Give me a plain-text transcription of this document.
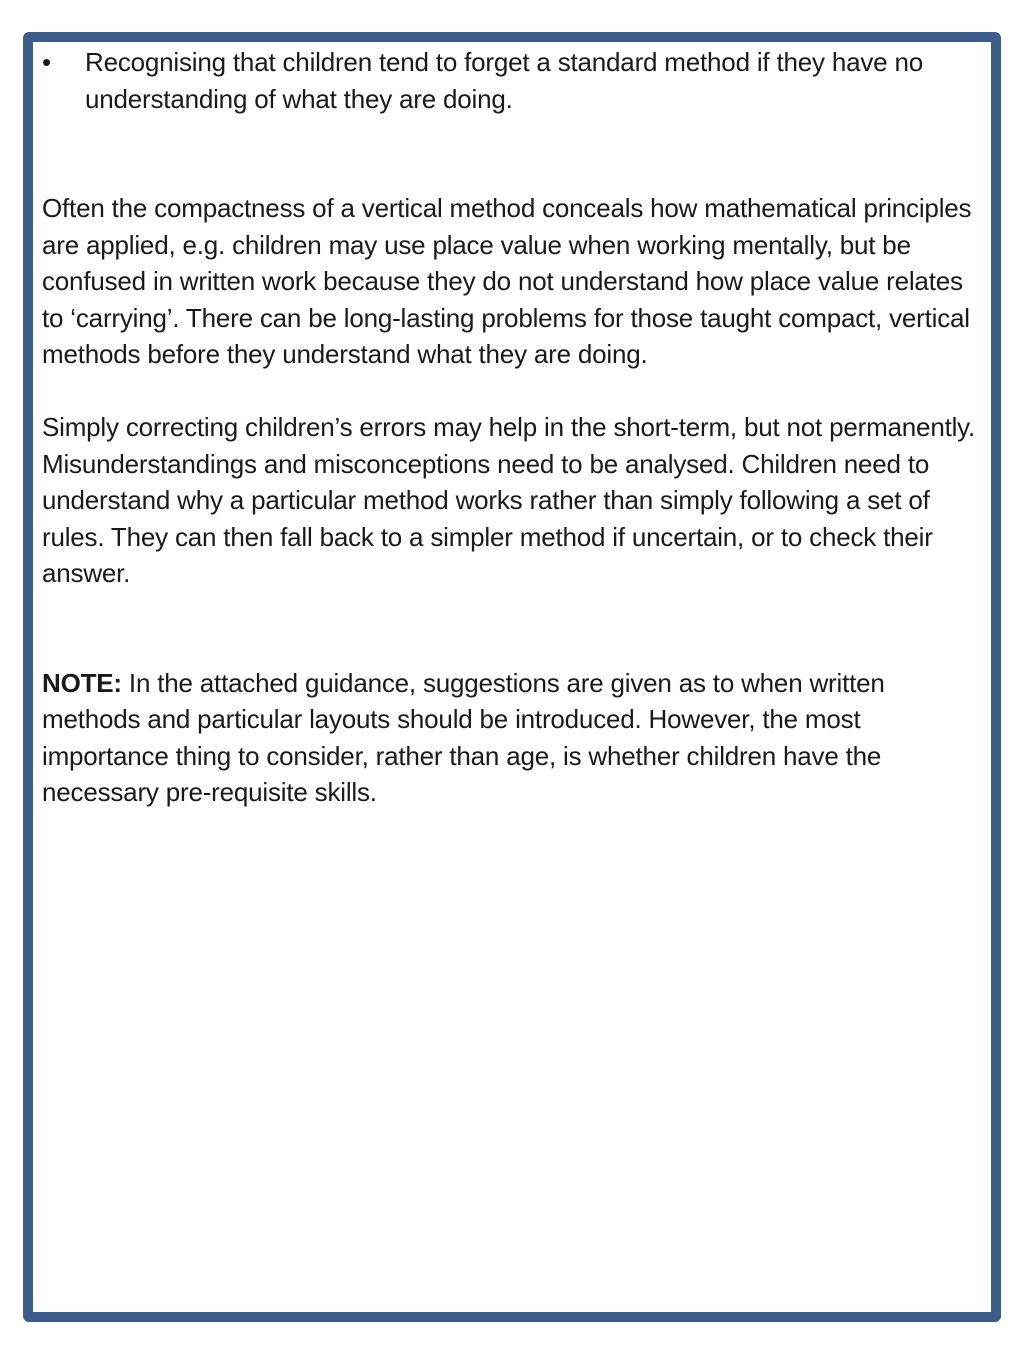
•	Recognising that children tend to forget a standard method if they have no understanding of what they are doing.

Often the compactness of a vertical method conceals how mathematical principles are applied, e.g. children may use place value when working mentally, but be confused in written work because they do not understand how place value relates to ‘carrying’. There can be long-lasting problems for those taught compact, vertical methods before they understand what they are doing.

Simply correcting children’s errors may help in the short-term, but not permanently. Misunderstandings and misconceptions need to be analysed. Children need to understand why a particular method works rather than simply following a set of rules. They can then fall back to a simpler method if uncertain, or to check their answer.

NOTE: In the attached guidance, suggestions are given as to when written methods and particular layouts should be introduced. However, the most importance thing to consider, rather than age, is whether children have the necessary pre-requisite skills.
